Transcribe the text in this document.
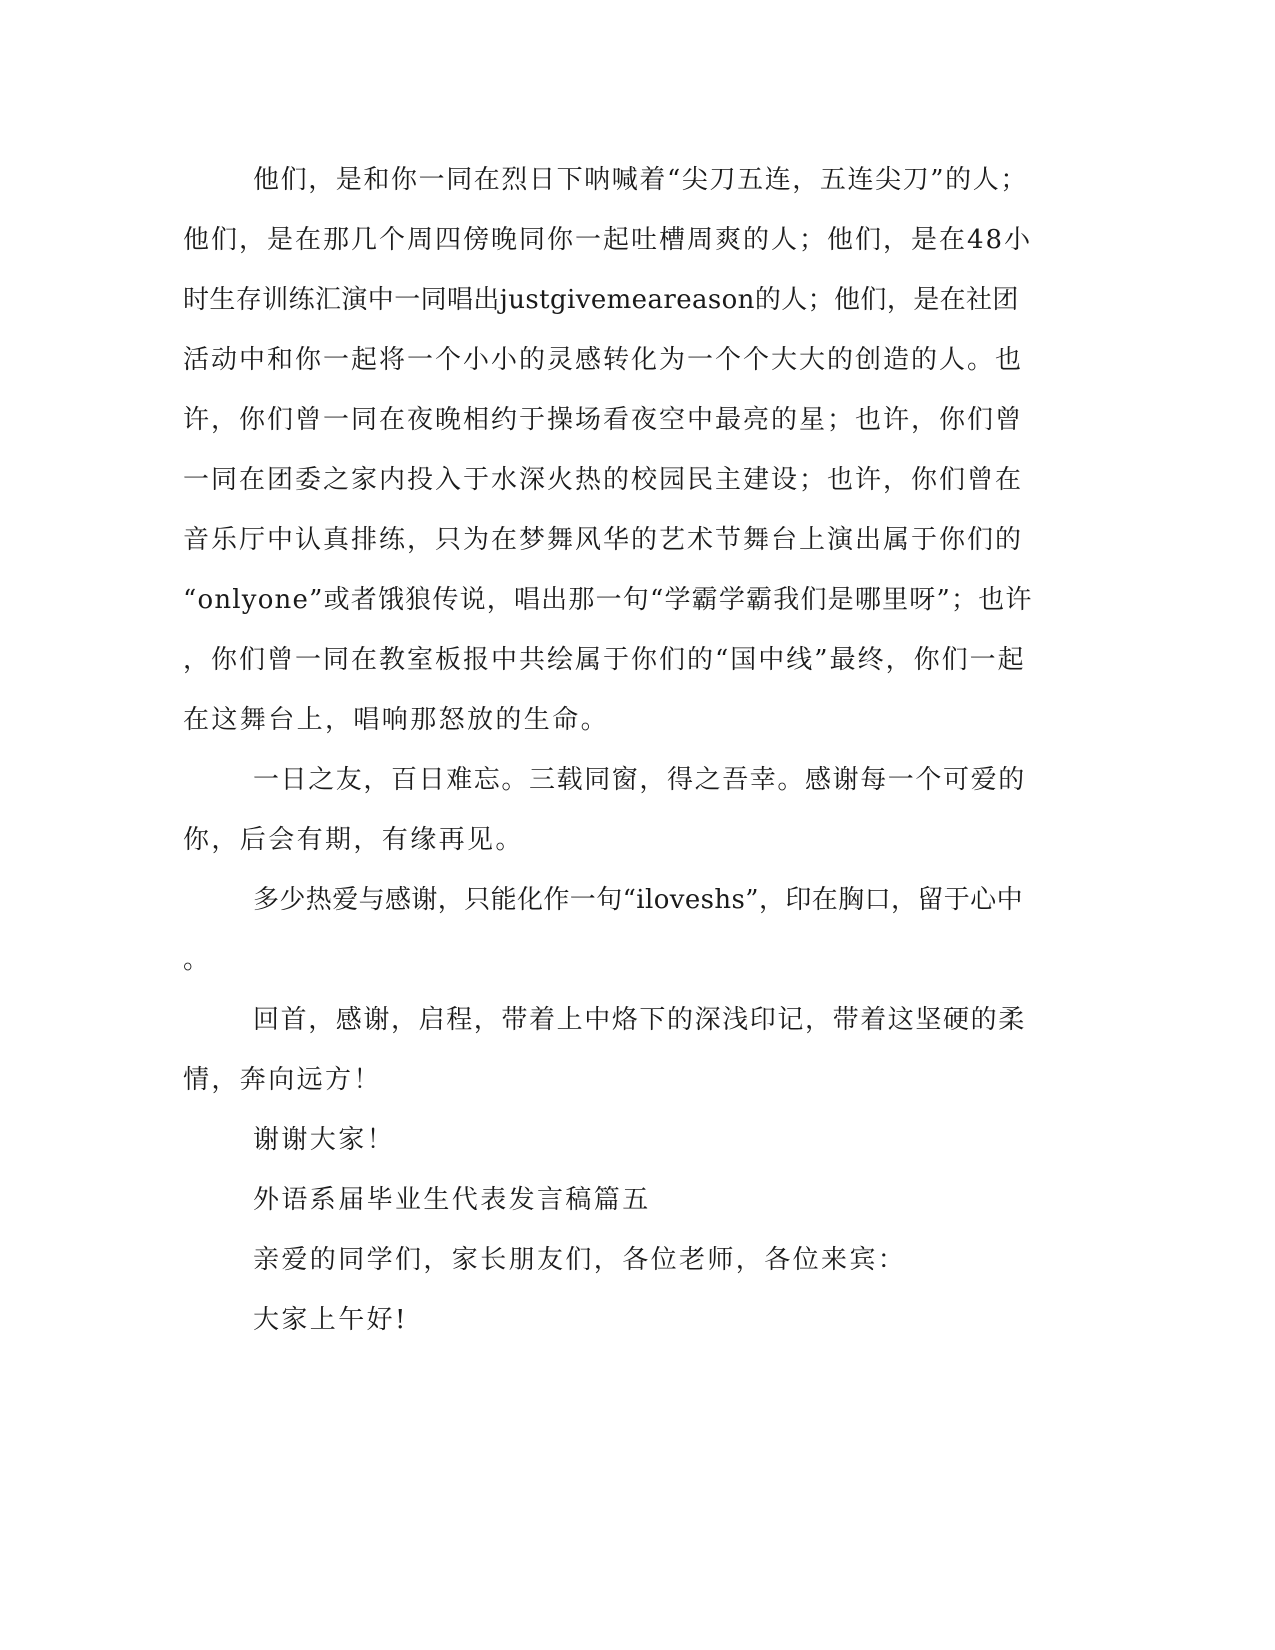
他们，是和你一同在烈日下呐喊着“尖刀五连，五连尖刀”的人；
他们，是在那几个周四傍晚同你一起吐槽周爽的人；他们，是在48小
时生存训练汇演中一同唱出justgivemeareason的人；他们，是在社团
活动中和你一起将一个小小的灵感转化为一个个大大的创造的人。也
许，你们曾一同在夜晚相约于操场看夜空中最亮的星；也许，你们曾
一同在团委之家内投入于水深火热的校园民主建设；也许，你们曾在
音乐厅中认真排练，只为在梦舞风华的艺术节舞台上演出属于你们的
“onlyone”或者饿狼传说，唱出那一句“学霸学霸我们是哪里呀”；也许
，你们曾一同在教室板报中共绘属于你们的“国中线”最终，你们一起
在这舞台上，唱响那怒放的生命。
一日之友，百日难忘。三载同窗，得之吾幸。感谢每一个可爱的
你，后会有期，有缘再见。
多少热爱与感谢，只能化作一句“iloveshs”，印在胸口，留于心中
。
回首，感谢，启程，带着上中烙下的深浅印记，带着这坚硬的柔
情，奔向远方！
谢谢大家！
外语系届毕业生代表发言稿篇五
亲爱的同学们，家长朋友们，各位老师，各位来宾：
大家上午好!
